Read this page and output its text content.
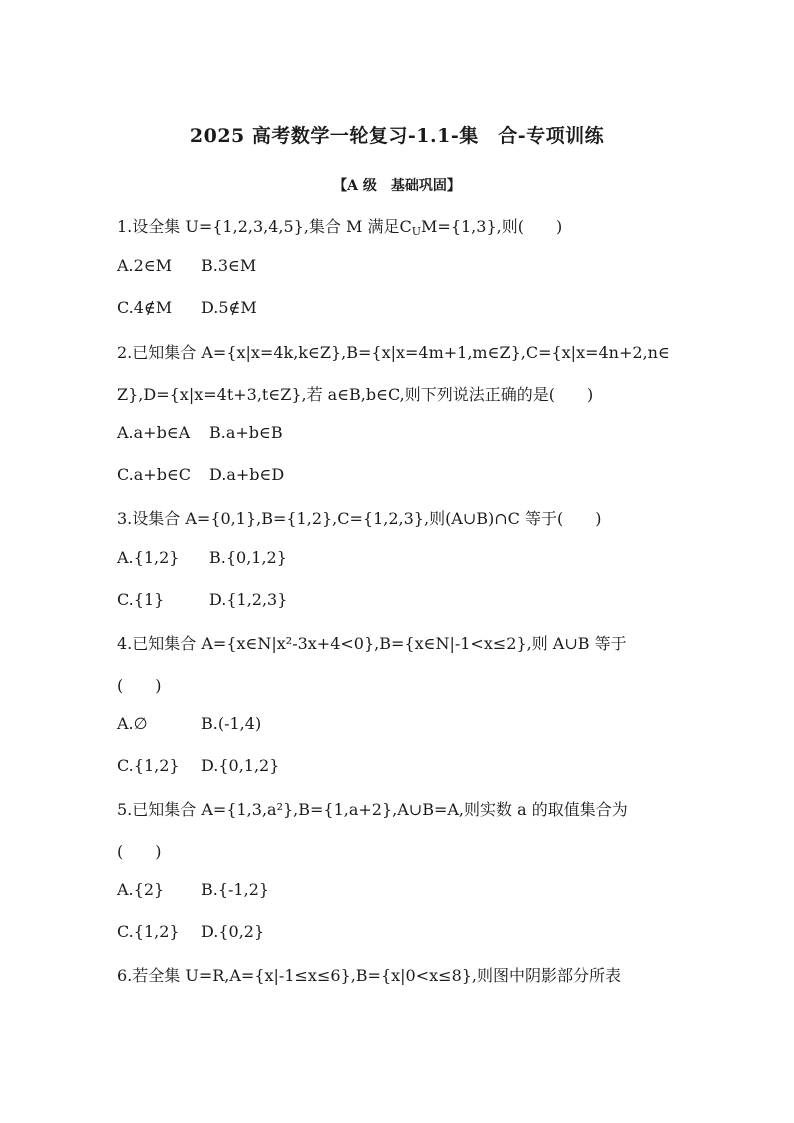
2025 高考数学一轮复习-1.1-集　合-专项训练
【A 级　基础巩固】
1.设全集 U={1,2,3,4,5},集合 M 满足$C_UM=\{1,3\}$,则(　　)
A.2∈M B.3∈M
C.4∉M D.5∉M
2.已知集合 A={x|x=4k,k∈Z},B={x|x=4m+1,m∈Z},C={x|x=4n+2,n∈
Z},D={x|x=4t+3,t∈Z},若 a∈B,b∈C,则下列说法正确的是(　　)
A.a+b∈A B.a+b∈B
C.a+b∈C D.a+b∈D
3.设集合 A={0,1},B={1,2},C={1,2,3},则(A∪B)∩C 等于(　　)
A.{1,2} B.{0,1,2}
C.{1}	D.{1,2,3}
4.已知集合 A={x∈N|x²-3x+4<0},B={x∈N|-1<x≤2},则 A∪B 等于
(　　)
A.∅	B.(-1,4)
C.{1,2} D.{0,1,2}
5.已知集合 A={1,3,a²},B={1,a+2},A∪B=A,则实数 a 的取值集合为
(　　)
A.{2} B.{-1,2}
C.{1,2} D.{0,2}
6.若全集 U=R,A={x|-1≤x≤6},B={x|0<x≤8},则图中阴影部分所表
